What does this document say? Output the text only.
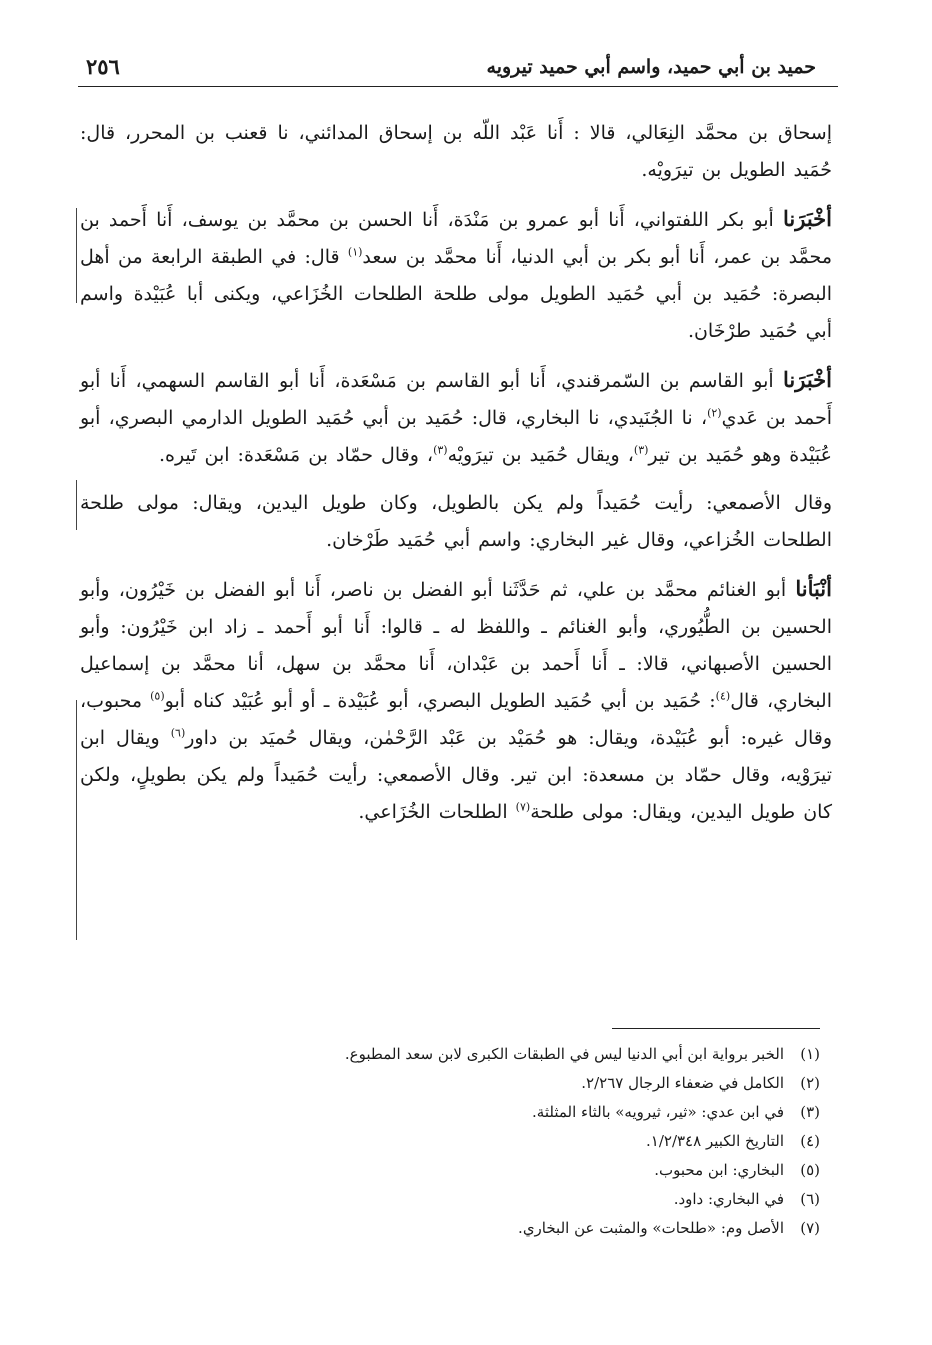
حميد بن أبي حميد، واسم أبي حميد تيرويه
٢٥٦

إسحاق بن محمَّد النِعَالي، قالا : أَنا عَبْد اللّه بن إسحاق المدائني، نا قعنب بن المحرر، قال: حُمَيد الطويل بن تيرَويْه.

أخْبَرَنا أبو بكر اللفتواني، أَنا أبو عمرو بن مَنْدَة، أَنا الحسن بن محمَّد بن يوسف، أَنا أَحمد بن محمَّد بن عمر، أَنا أبو بكر بن أبي الدنيا، أَنا محمَّد بن سعد$^{(١)}$ قال: في الطبقة الرابعة من أهل البصرة: حُمَيد بن أبي حُمَيد الطويل مولى طلحة الطلحات الخُزَاعي، ويكنى أبا عُبَيْدة واسم أبي حُمَيد طرْخَان.

أخْبَرَنا أبو القاسم بن السّمرقندي، أَنا أبو القاسم بن مَسْعَدة، أَنا أبو القاسم السهمي، أَنا أبو أَحمد بن عَدي$^{(٢)}$، نا الجُنَيدي، نا البخاري، قال: حُمَيد بن أبي حُمَيد الطويل الدارمي البصري، أبو عُبَيْدة وهو حُمَيد بن تير$^{(٣)}$، ويقال حُمَيد بن تيرَويْه$^{(٣)}$، وقال حمّاد بن مَسْعَدة: ابن تَيره.

وقال الأصمعي: رأيت حُمَيداً ولم يكن بالطويل، وكان طويل اليدين، ويقال: مولى طلحة الطلحات الخُزاعي، وقال غير البخاري: واسم أبي حُمَيد طَرْخان.

أنْبَأنا أبو الغنائم محمَّد بن علي، ثم حَدَّثَنا أبو الفضل بن ناصر، أَنا أبو الفضل بن خَيْرُون، وأبو الحسين بن الطُّيُوري، وأبو الغنائم ـ واللفظ له ـ قالوا: أَنا أبو أَحمد ـ زاد ابن خَيْرُون: وأبو الحسين الأصبهاني، قالا: ـ أَنا أَحمد بن عَبْدان، أَنا محمَّد بن سهل، أنا محمَّد بن إسماعيل البخاري، قال$^{(٤)}$: حُمَيد بن أبي حُمَيد الطويل البصري، أبو عُبَيْدة ـ أو أبو عُبَيْد كناه أبو$^{(٥)}$ محبوب، وقال غيره: أبو عُبَيْدة، ويقال: هو حُمَيْد بن عَبْد الرَّحْمٰن، ويقال حُميَد بن داور$^{(٦)}$ ويقال ابن تيرَوْيه، وقال حمّاد بن مسعدة: ابن تير. وقال الأصمعي: رأيت حُمَيداً ولم يكن بطويلٍ، ولكن كان طويل اليدين، ويقال: مولى طلحة$^{(٧)}$ الطلحات الخُزَاعي.

(١)الخبر برواية ابن أبي الدنيا ليس في الطبقات الكبرى لابن سعد المطبوع.
(٢)الكامل في ضعفاء الرجال ٢/٢٦٧.
(٣)في ابن عدي: «ثير، ثيرويه» بالثاء المثلثة.
(٤)التاريخ الكبير ١/٢/٣٤٨.
(٥)البخاري: ابن محبوب.
(٦)في البخاري: داود.
(٧)الأصل وم: «طلحات» والمثبت عن البخاري.
